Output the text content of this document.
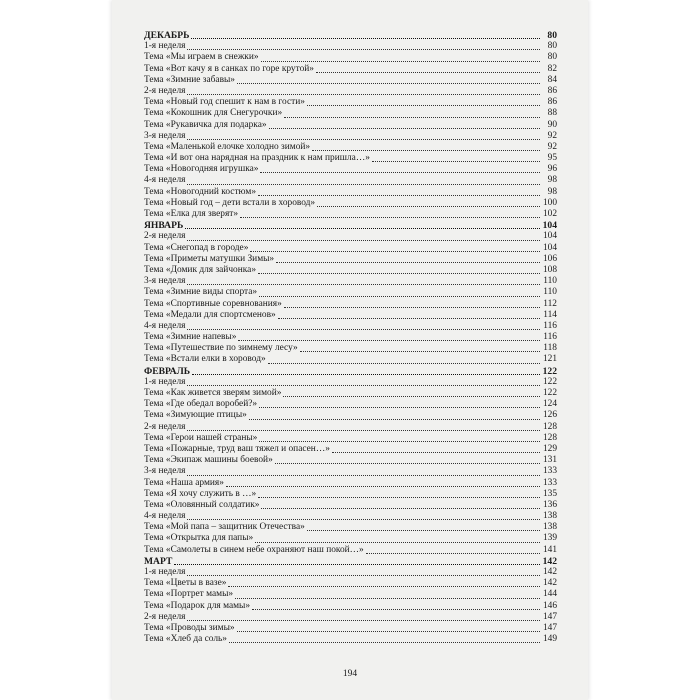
ДЕКАБРЬ	80
1-я неделя	80
Тема «Мы играем в снежки»	80
Тема «Вот качу я в санках по горе крутой»	82
Тема «Зимние забавы»	84
2-я неделя	86
Тема «Новый год спешит к нам в гости»	86
Тема «Кокошник для Снегурочки»	88
Тема «Рукавичка для подарка»	90
3-я неделя	92
Тема «Маленькой елочке холодно зимой»	92
Тема «И вот она нарядная на праздник к нам пришла…»	95
Тема «Новогодняя игрушка»	96
4-я неделя	98
Тема «Новогодний костюм»	98
Тема «Новый год – дети встали в хоровод»	100
Тема «Елка для зверят»	102
ЯНВАРЬ	104
2-я неделя	104
Тема «Снегопад в городе»	104
Тема «Приметы матушки Зимы»	106
Тема «Домик для зайчонка»	108
3-я неделя	110
Тема «Зимние виды спорта»	110
Тема «Спортивные соревнования»	112
Тема «Медали для спортсменов»	114
4-я неделя	116
Тема «Зимние напевы»	116
Тема «Путешествие по зимнему лесу»	118
Тема «Встали елки в хоровод»	121
ФЕВРАЛЬ	122
1-я неделя	122
Тема «Как живется зверям зимой»	122
Тема «Где обедал воробей?»	124
Тема «Зимующие птицы»	126
2-я неделя	128
Тема «Герои нашей страны»	128
Тема «Пожарные, труд ваш тяжел и опасен…»	129
Тема «Экипаж машины боевой»	131
3-я неделя	133
Тема «Наша армия»	133
Тема «Я хочу служить в …»	135
Тема «Оловянный солдатик»	136
4-я неделя	138
Тема «Мой папа – защитник Отечества»	138
Тема «Открытка для папы»	139
Тема «Самолеты в синем небе охраняют наш покой…»	141
МАРТ	142
1-я неделя	142
Тема «Цветы в вазе»	142
Тема «Портрет мамы»	144
Тема «Подарок для мамы»	146
2-я неделя	147
Тема «Проводы зимы»	147
Тема «Хлеб да соль»	149
194
